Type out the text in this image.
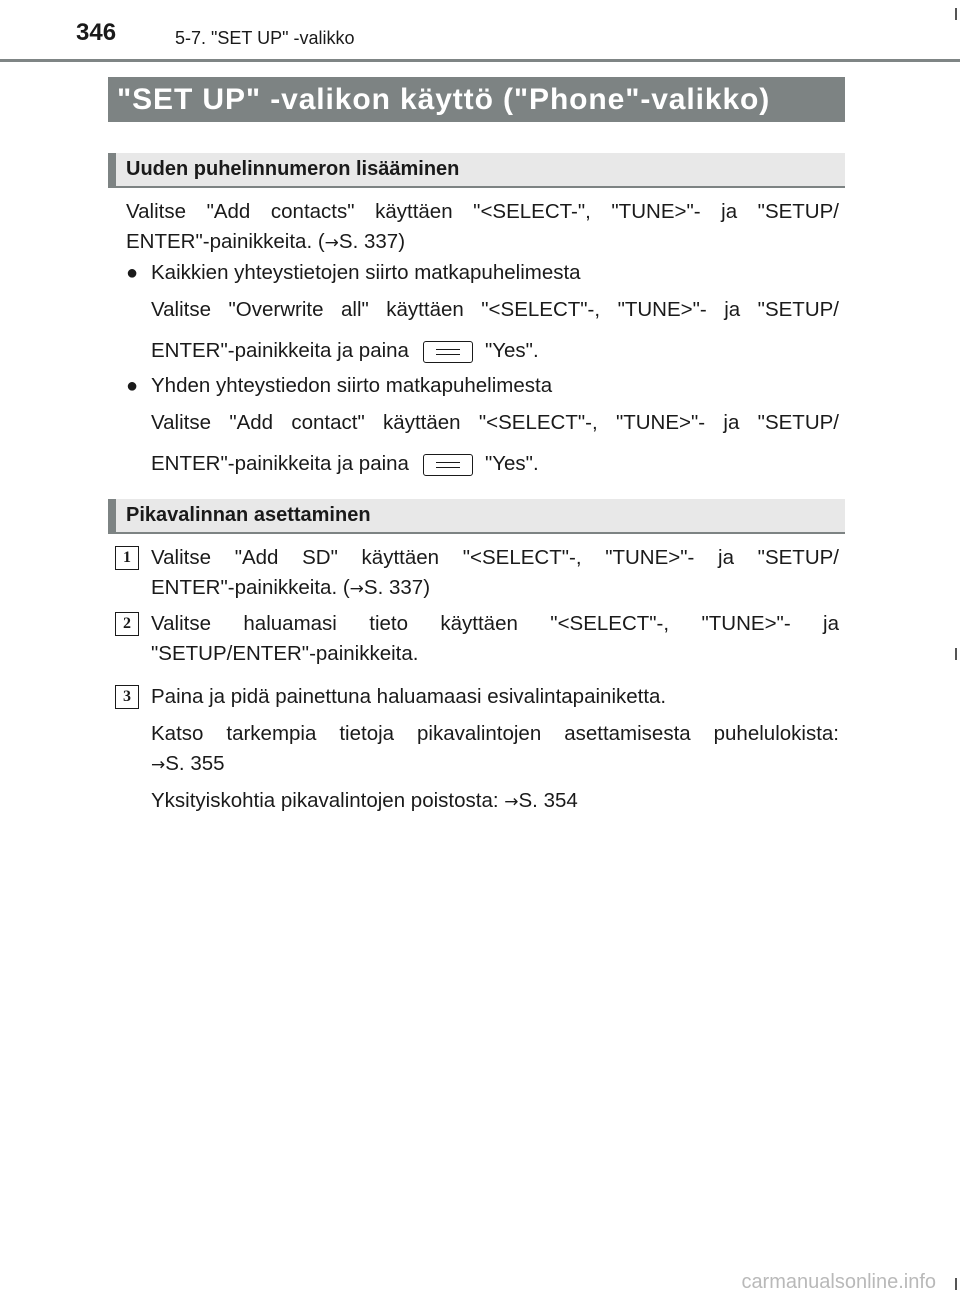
346	5-7. "SET UP" -valikko
"SET UP" -valikon käyttö ("Phone"-valikko)
Uuden puhelinnumeron lisääminen
Valitse "Add contacts" käyttäen "<SELECT-", "TUNE>"- ja "SETUP/
ENTER"-painikkeita. (→S. 337)
● Kaikkien yhteystietojen siirto matkapuhelimesta
Valitse "Overwrite all" käyttäen "<SELECT"-, "TUNE>"- ja "SETUP/
ENTER"-painikkeita ja paina	"Yes".
● Yhden yhteystiedon siirto matkapuhelimesta
Valitse "Add contact" käyttäen "<SELECT"-, "TUNE>"- ja "SETUP/
ENTER"-painikkeita ja paina	"Yes".
Pikavalinnan asettaminen
1 Valitse "Add SD" käyttäen "<SELECT"-, "TUNE>"- ja "SETUP/
ENTER"-painikkeita. (→S. 337)
2 Valitse haluamasi tieto käyttäen "<SELECT"-, "TUNE>"- ja
"SETUP/ENTER"-painikkeita.
3 Paina ja pidä painettuna haluamaasi esivalintapainiketta.
Katso tarkempia tietoja pikavalintojen asettamisesta puhelulokista:
→S. 355
Yksityiskohtia pikavalintojen poistosta: →S. 354
carmanualsonline.info
